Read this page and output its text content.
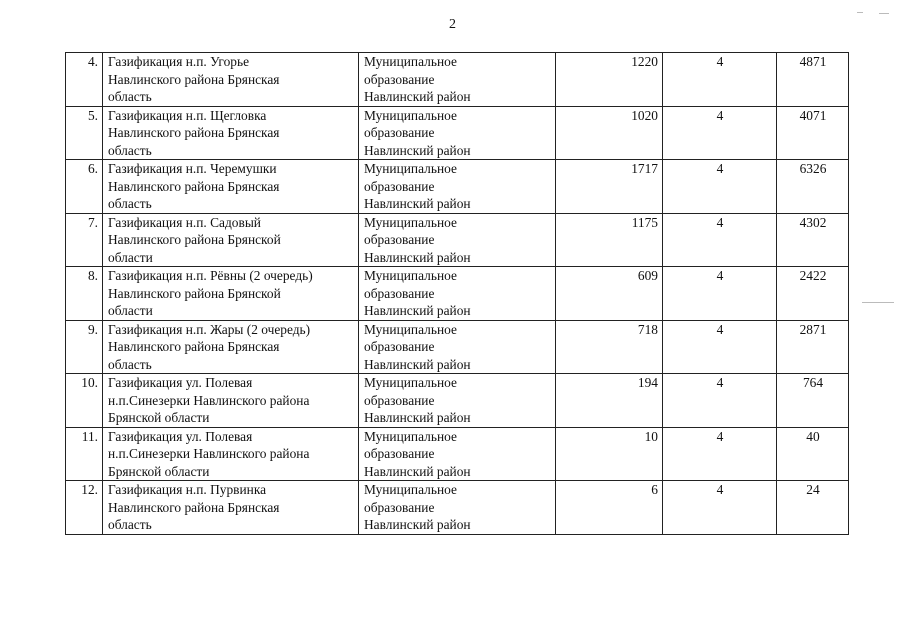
2
4.	Газификация н.п. Угорье
Навлинского района Брянская
область	Муниципальное
образование
Навлинский район	1220	4	4871
5.	Газификация н.п. Щегловка
Навлинского района Брянская
область	Муниципальное
образование
Навлинский район	1020	4	4071
6.	Газификация н.п. Черемушки
Навлинского района Брянская
область	Муниципальное
образование
Навлинский район	1717	4	6326
7.	Газификация н.п. Садовый
Навлинского района Брянской
области	Муниципальное
образование
Навлинский район	1175	4	4302
8.	Газификация н.п. Рёвны (2 очередь)
Навлинского района Брянской
области	Муниципальное
образование
Навлинский район	609	4	2422
9.	Газификация н.п. Жары (2 очередь)
Навлинского района Брянская
область	Муниципальное
образование
Навлинский район	718	4	2871
10.	Газификация ул. Полевая
н.п.Синезерки Навлинского района
Брянской области	Муниципальное
образование
Навлинский район	194	4	764
11.	Газификация ул. Полевая
н.п.Синезерки Навлинского района
Брянской области	Муниципальное
образование
Навлинский район	10	4	40
12.	Газификация н.п. Пурвинка
Навлинского района Брянская
область	Муниципальное
образование
Навлинский район	6	4	24
